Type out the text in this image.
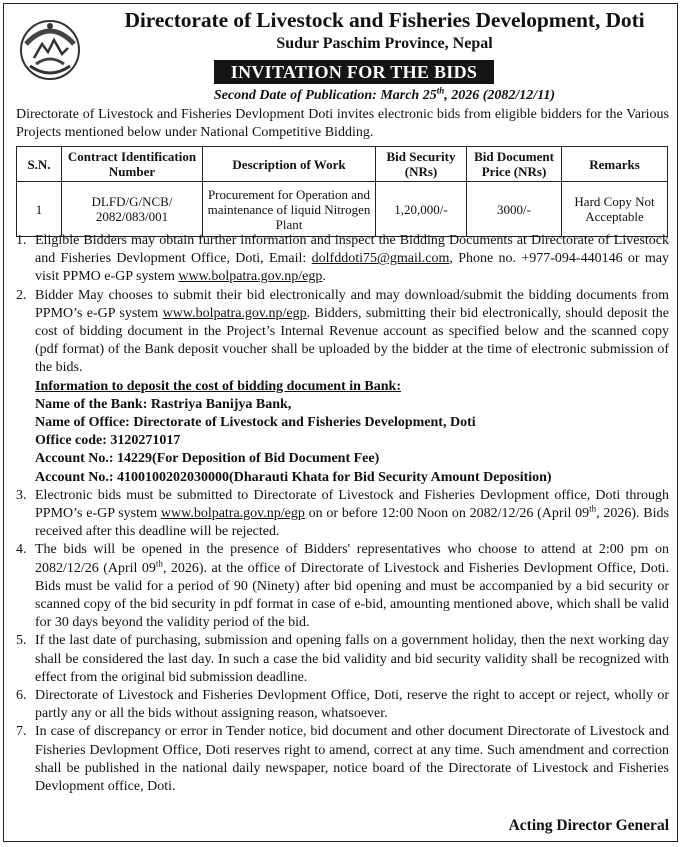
Directorate of Livestock and Fisheries Development, Doti
Sudur Paschim Province, Nepal
INVITATION FOR THE BIDS
Second Date of Publication: March 25th, 2026 (2082/12/11)
Directorate of Livestock and Fisheries Devlopment Doti invites electronic bids from eligible bidders for the Various Projects mentioned below under National Competitive Bidding.
S.N.	Contract Identification Number	Description of Work	Bid Security (NRs)	Bid Document Price (NRs)	Remarks
1	DLFD/G/NCB/ 2082/083/001	Procurement for Operation and maintenance of liquid Nitrogen Plant	1,20,000/-	3000/-	Hard Copy Not Acceptable
1. Eligible Bidders may obtain further information and inspect the Bidding Documents at Directorate of Livestock and Fisheries Devlopment Office, Doti, Email: dolfddoti75@gmail.com, Phone no. +977-094-440146 or may visit PPMO e-GP system www.bolpatra.gov.np/egp.
2. Bidder May chooses to submit their bid electronically and may download/submit the bidding documents from PPMO’s e-GP system www.bolpatra.gov.np/egp. Bidders, submitting their bid electronically, should deposit the cost of bidding document in the Project’s Internal Revenue account as specified below and the scanned copy (pdf format) of the Bank deposit voucher shall be uploaded by the bidder at the time of electronic submission of the bids.
Information to deposit the cost of bidding document in Bank:
Name of the Bank: Rastriya Banijya Bank,
Name of Office: Directorate of Livestock and Fisheries Development, Doti
Office code: 3120271017
Account No.: 14229(For Deposition of Bid Document Fee)
Account No.: 4100100202030000(Dharauti Khata for Bid Security Amount Deposition)
3. Electronic bids must be submitted to Directorate of Livestock and Fisheries Devlopment office, Doti through PPMO’s e-GP system www.bolpatra.gov.np/egp on or before 12:00 Noon on 2082/12/26 (April 09th, 2026). Bids received after this deadline will be rejected.
4. The bids will be opened in the presence of Bidders' representatives who choose to attend at 2:00 pm on 2082/12/26 (April 09th, 2026). at the office of Directorate of Livestock and Fisheries Devlopment Office, Doti. Bids must be valid for a period of 90 (Ninety) after bid opening and must be accompanied by a bid security or scanned copy of the bid security in pdf format in case of e-bid, amounting mentioned above, which shall be valid for 30 days beyond the validity period of the bid.
5. If the last date of purchasing, submission and opening falls on a government holiday, then the next working day shall be considered the last day. In such a case the bid validity and bid security validity shall be recognized with effect from the original bid submission deadline.
6. Directorate of Livestock and Fisheries Devlopment Office, Doti, reserve the right to accept or reject, wholly or partly any or all the bids without assigning reason, whatsoever.
7. In case of discrepancy or error in Tender notice, bid document and other document Directorate of Livestock and Fisheries Devlopment Office, Doti reserves right to amend, correct at any time. Such amendment and correction shall be published in the national daily newspaper, notice board of the Directorate of Livestock and Fisheries Devlopment office, Doti.
Acting Director General
